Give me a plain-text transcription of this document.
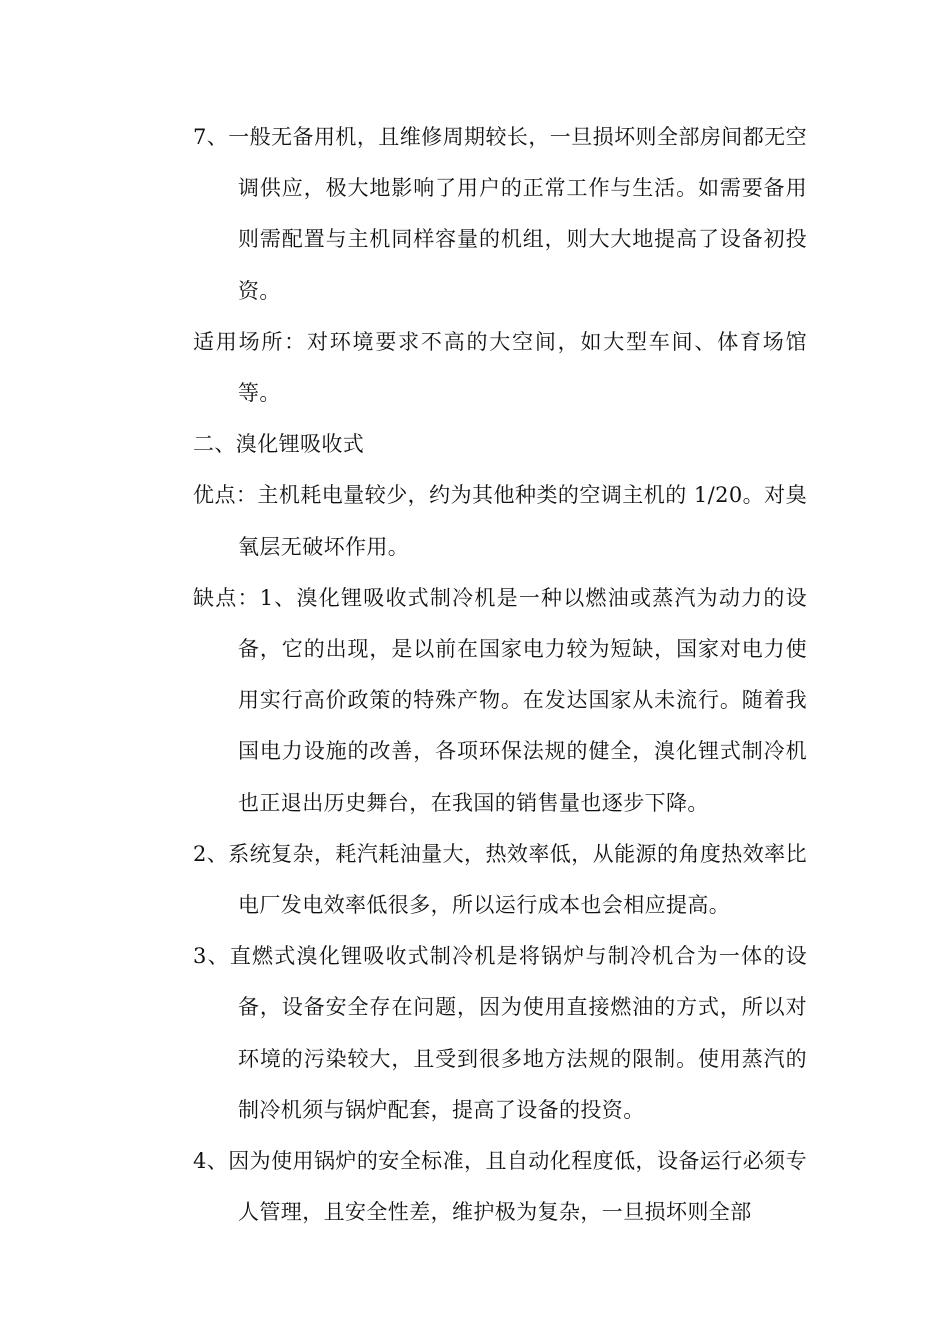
7、一般无备用机，且维修周期较长，一旦损坏则全部房间都无空调供应，极大地影响了用户的正常工作与生活。如需要备用则需配置与主机同样容量的机组，则大大地提高了设备初投资。

适用场所：对环境要求不高的大空间，如大型车间、体育场馆等。

二、溴化锂吸收式

优点：主机耗电量较少，约为其他种类的空调主机的 1/20。对臭氧层无破坏作用。

缺点：1、溴化锂吸收式制冷机是一种以燃油或蒸汽为动力的设备，它的出现，是以前在国家电力较为短缺，国家对电力使用实行高价政策的特殊产物。在发达国家从未流行。随着我国电力设施的改善，各项环保法规的健全，溴化锂式制冷机也正退出历史舞台，在我国的销售量也逐步下降。

2、系统复杂，耗汽耗油量大，热效率低，从能源的角度热效率比电厂发电效率低很多，所以运行成本也会相应提高。

3、直燃式溴化锂吸收式制冷机是将锅炉与制冷机合为一体的设备，设备安全存在问题，因为使用直接燃油的方式，所以对环境的污染较大，且受到很多地方法规的限制。使用蒸汽的制冷机须与锅炉配套，提高了设备的投资。

4、因为使用锅炉的安全标准，且自动化程度低，设备运行必须专人管理，且安全性差，维护极为复杂，一旦损坏则全部
